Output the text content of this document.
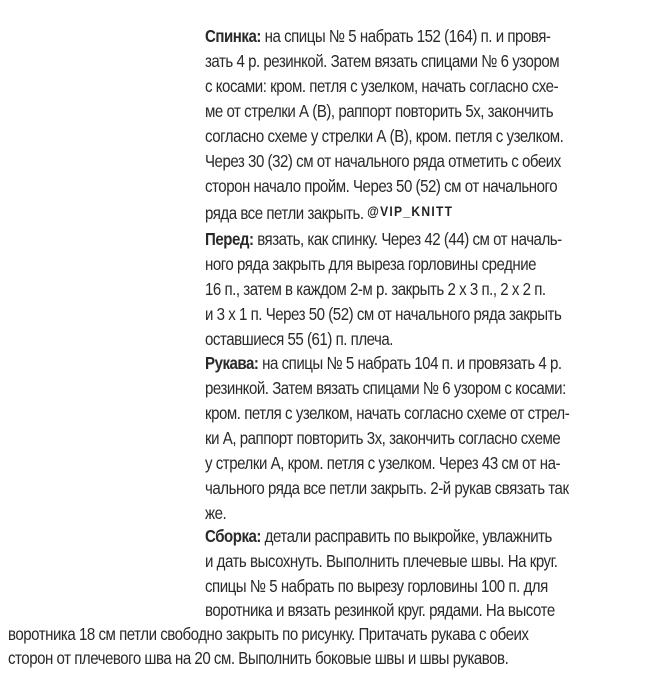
Спинка: на спицы № 5 набрать 152 (164) п. и провя-
зать 4 р. резинкой. Затем вязать спицами № 6 узором
с косами: кром. петля с узелком, начать согласно схе-
ме от стрелки А (В), раппорт повторить 5х, закончить
согласно схеме у стрелки А (В), кром. петля с узелком.
Через 30 (32) см от начального ряда отметить с обеих
сторон начало пройм. Через 50 (52) см от начального
ряда все петли закрыть. @VIP_KNITT
Перед: вязать, как спинку. Через 42 (44) см от началь-
ного ряда закрыть для выреза горловины средние
16 п., затем в каждом 2-м р. закрыть 2 х 3 п., 2 х 2 п.
и 3 х 1 п. Через 50 (52) см от начального ряда закрыть
оставшиеся 55 (61) п. плеча.
Рукава: на спицы № 5 набрать 104 п. и провязать 4 р.
резинкой. Затем вязать спицами № 6 узором с косами:
кром. петля с узелком, начать согласно схеме от стрел-
ки А, раппорт повторить 3х, закончить согласно схеме
у стрелки А, кром. петля с узелком. Через 43 см от на-
чального ряда все петли закрыть. 2-й рукав связать так
же.
Сборка: детали расправить по выкройке, увлажнить
и дать высохнуть. Выполнить плечевые швы. На круг.
спицы № 5 набрать по вырезу горловины 100 п. для
воротника и вязать резинкой круг. рядами. На высоте
воротника 18 см петли свободно закрыть по рисунку. Притачать рукава с обеих
сторон от плечевого шва на 20 см. Выполнить боковые швы и швы рукавов.
